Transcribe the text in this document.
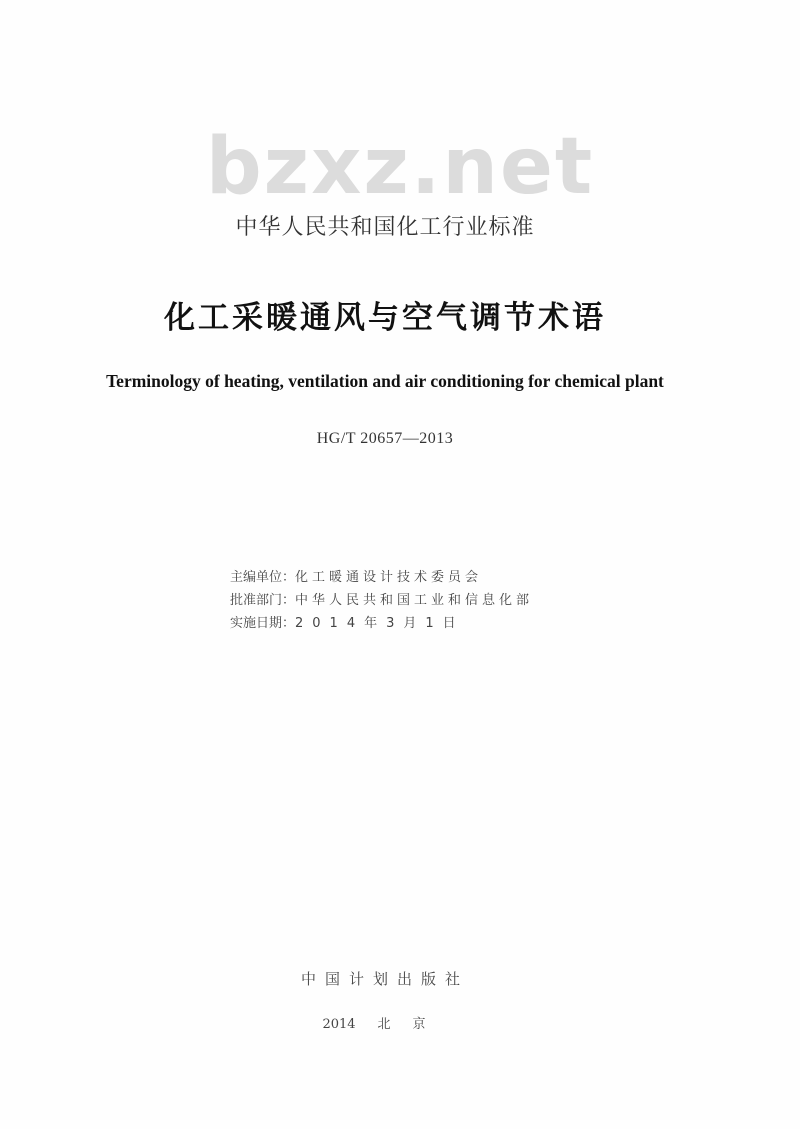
bzxz.net
中华人民共和国化工行业标准
化工采暖通风与空气调节术语
Terminology of heating, ventilation and air conditioning for chemical plant
HG/T 20657—2013
主编单位：化工暖通设计技术委员会
批准部门：中华人民共和国工业和信息化部
实施日期：2014年3月1日
中国计划出版社
2014 北京
